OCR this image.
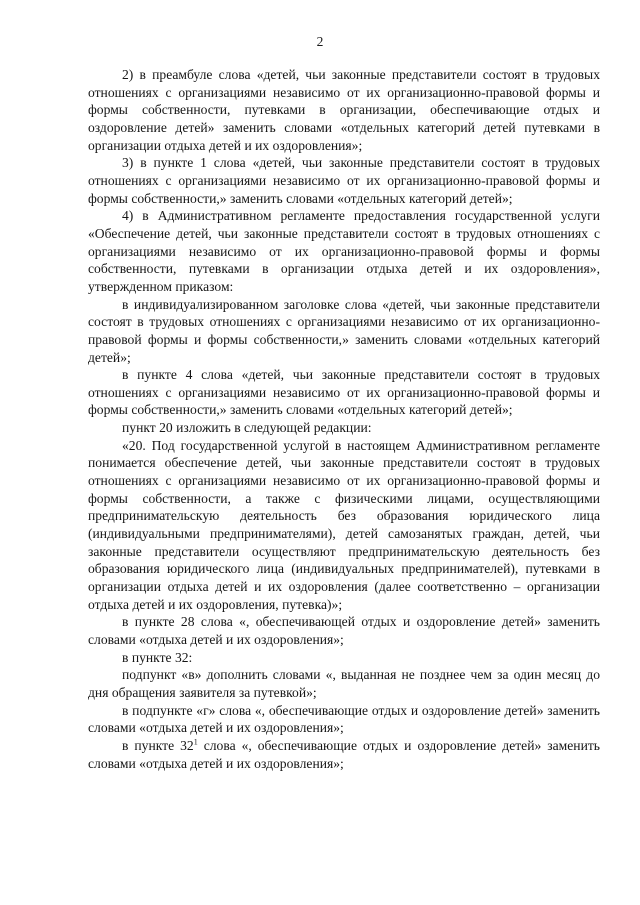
2

2) в преамбуле слова «детей, чьи законные представители состоят в трудовых отношениях с организациями независимо от их организационно-правовой формы и формы собственности, путевками в организации, обеспечивающие отдых и оздоровление детей» заменить словами «отдельных категорий детей путевками в организации отдыха детей и их оздоровления»;

3) в пункте 1 слова «детей, чьи законные представители состоят в трудовых отношениях с организациями независимо от их организационно-правовой формы и формы собственности,» заменить словами «отдельных категорий детей»;

4) в Административном регламенте предоставления государственной услуги «Обеспечение детей, чьи законные представители состоят в трудовых отношениях с организациями независимо от их организационно-правовой формы и формы собственности, путевками в организации отдыха детей и их оздоровления», утвержденном приказом:

в индивидуализированном заголовке слова «детей, чьи законные представители состоят в трудовых отношениях с организациями независимо от их организационно-правовой формы и формы собственности,» заменить словами «отдельных категорий детей»;

в пункте 4 слова «детей, чьи законные представители состоят в трудовых отношениях с организациями независимо от их организационно-правовой формы и формы собственности,» заменить словами «отдельных категорий детей»;

пункт 20 изложить в следующей редакции:

«20. Под государственной услугой в настоящем Административном регламенте понимается обеспечение детей, чьи законные представители состоят в трудовых отношениях с организациями независимо от их организационно-правовой формы и формы собственности, а также с физическими лицами, осуществляющими предпринимательскую деятельность без образования юридического лица (индивидуальными предпринимателями), детей самозанятых граждан, детей, чьи законные представители осуществляют предпринимательскую деятельность без образования юридического лица (индивидуальных предпринимателей), путевками в организации отдыха детей и их оздоровления (далее соответственно – организации отдыха детей и их оздоровления, путевка)»;

в пункте 28 слова «, обеспечивающей отдых и оздоровление детей» заменить словами «отдыха детей и их оздоровления»;

в пункте 32:

подпункт «в» дополнить словами «, выданная не позднее чем за один месяц до дня обращения заявителя за путевкой»;

в подпункте «г» слова «, обеспечивающие отдых и оздоровление детей» заменить словами «отдыха детей и их оздоровления»;

в пункте $32^1$ слова «, обеспечивающие отдых и оздоровление детей» заменить словами «отдыха детей и их оздоровления»;
